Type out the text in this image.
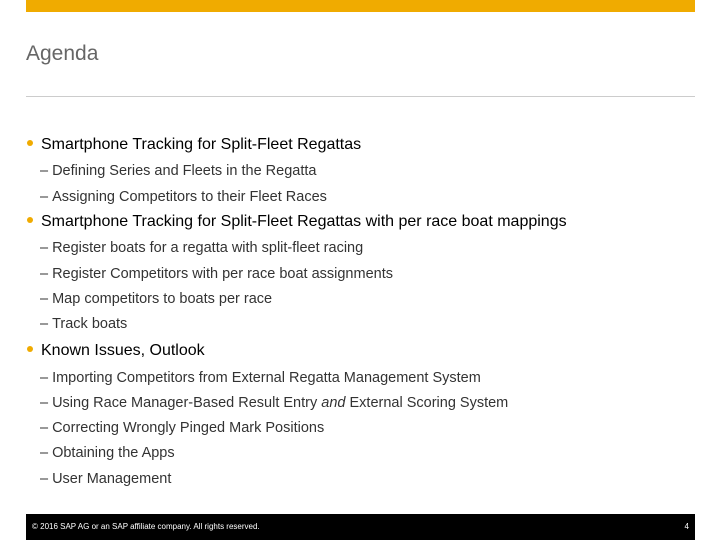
Agenda
Smartphone Tracking for Split-Fleet Regattas
– Defining Series and Fleets in the Regatta
– Assigning Competitors to their Fleet Races
Smartphone Tracking for Split-Fleet Regattas with per race boat mappings
– Register boats for a regatta with split-fleet racing
– Register Competitors with per race boat assignments
– Map competitors to boats per race
– Track boats
Known Issues, Outlook
– Importing Competitors from External Regatta Management System
– Using Race Manager-Based Result Entry and External Scoring System
– Correcting Wrongly Pinged Mark Positions
– Obtaining the Apps
– User Management
© 2016 SAP AG or an SAP affiliate company. All rights reserved.	4
